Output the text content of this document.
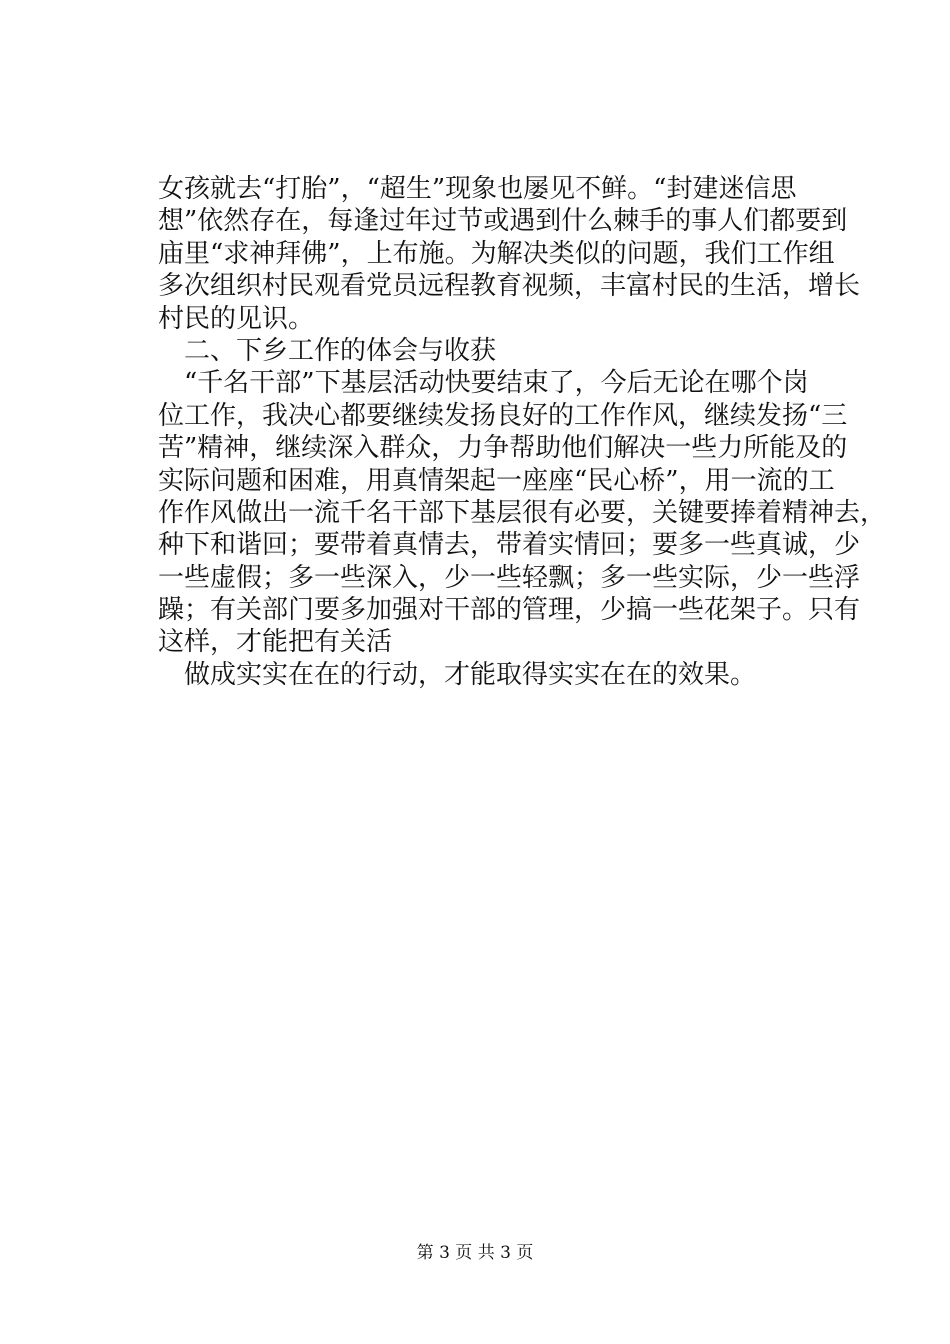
女孩就去“打胎”，“超生”现象也屡见不鲜。“封建迷信思
想”依然存在，每逢过年过节或遇到什么棘手的事人们都要到
庙里“求神拜佛”，上布施。为解决类似的问题，我们工作组
多次组织村民观看党员远程教育视频，丰富村民的生活，增长
村民的见识。
二、下乡工作的体会与收获
“千名干部”下基层活动快要结束了，今后无论在哪个岗
位工作，我决心都要继续发扬良好的工作作风，继续发扬“三
苦”精神，继续深入群众，力争帮助他们解决一些力所能及的
实际问题和困难，用真情架起一座座“民心桥”，用一流的工
作作风做出一流千名干部下基层很有必要，关键要捧着精神去，
种下和谐回；要带着真情去，带着实情回；要多一些真诚，少
一些虚假；多一些深入，少一些轻飘；多一些实际，少一些浮
躁；有关部门要多加强对干部的管理，少搞一些花架子。只有
这样，才能把有关活
做成实实在在的行动，才能取得实实在在的效果。
第 3 页 共 3 页
